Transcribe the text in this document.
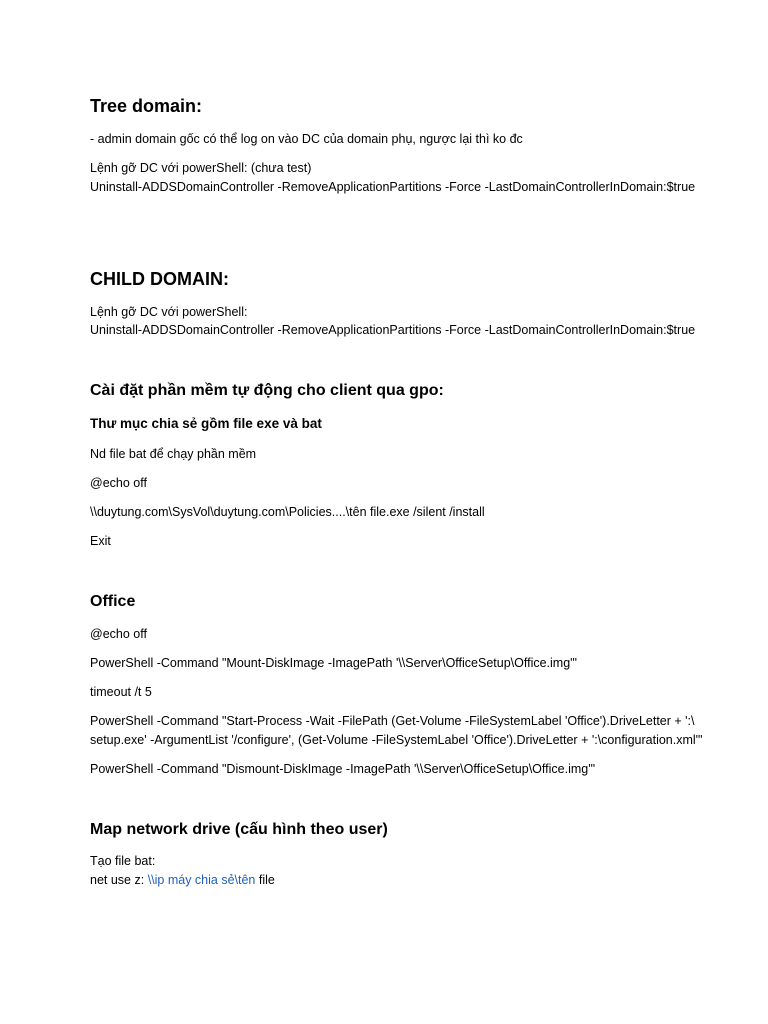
Tree domain:
- admin domain gốc có thể log on vào DC của domain phụ, ngược lại thì ko đc
Lệnh gỡ DC với powerShell: (chưa test)
Uninstall-ADDSDomainController -RemoveApplicationPartitions -Force -LastDomainControllerInDomain:$true
CHILD DOMAIN:
Lệnh gỡ DC với powerShell:
Uninstall-ADDSDomainController -RemoveApplicationPartitions -Force -LastDomainControllerInDomain:$true
Cài đặt phần mềm tự động cho client qua gpo:
Thư mục chia sẻ gồm file exe và bat
Nd file bat để chạy phần mềm
@echo off
\\duytung.com\SysVol\duytung.com\Policies....\tên file.exe /silent /install
Exit
Office
@echo off
PowerShell -Command "Mount-DiskImage -ImagePath '\\Server\OfficeSetup\Office.img'"
timeout /t 5
PowerShell -Command "Start-Process -Wait -FilePath (Get-Volume -FileSystemLabel 'Office').DriveLetter + ':\
setup.exe' -ArgumentList '/configure', (Get-Volume -FileSystemLabel 'Office').DriveLetter + ':\configuration.xml'"
PowerShell -Command "Dismount-DiskImage -ImagePath '\\Server\OfficeSetup\Office.img'"
Map network drive (cấu hình theo user)
Tạo file bat:
net use z: \\ip máy chia sẻ\tên file
